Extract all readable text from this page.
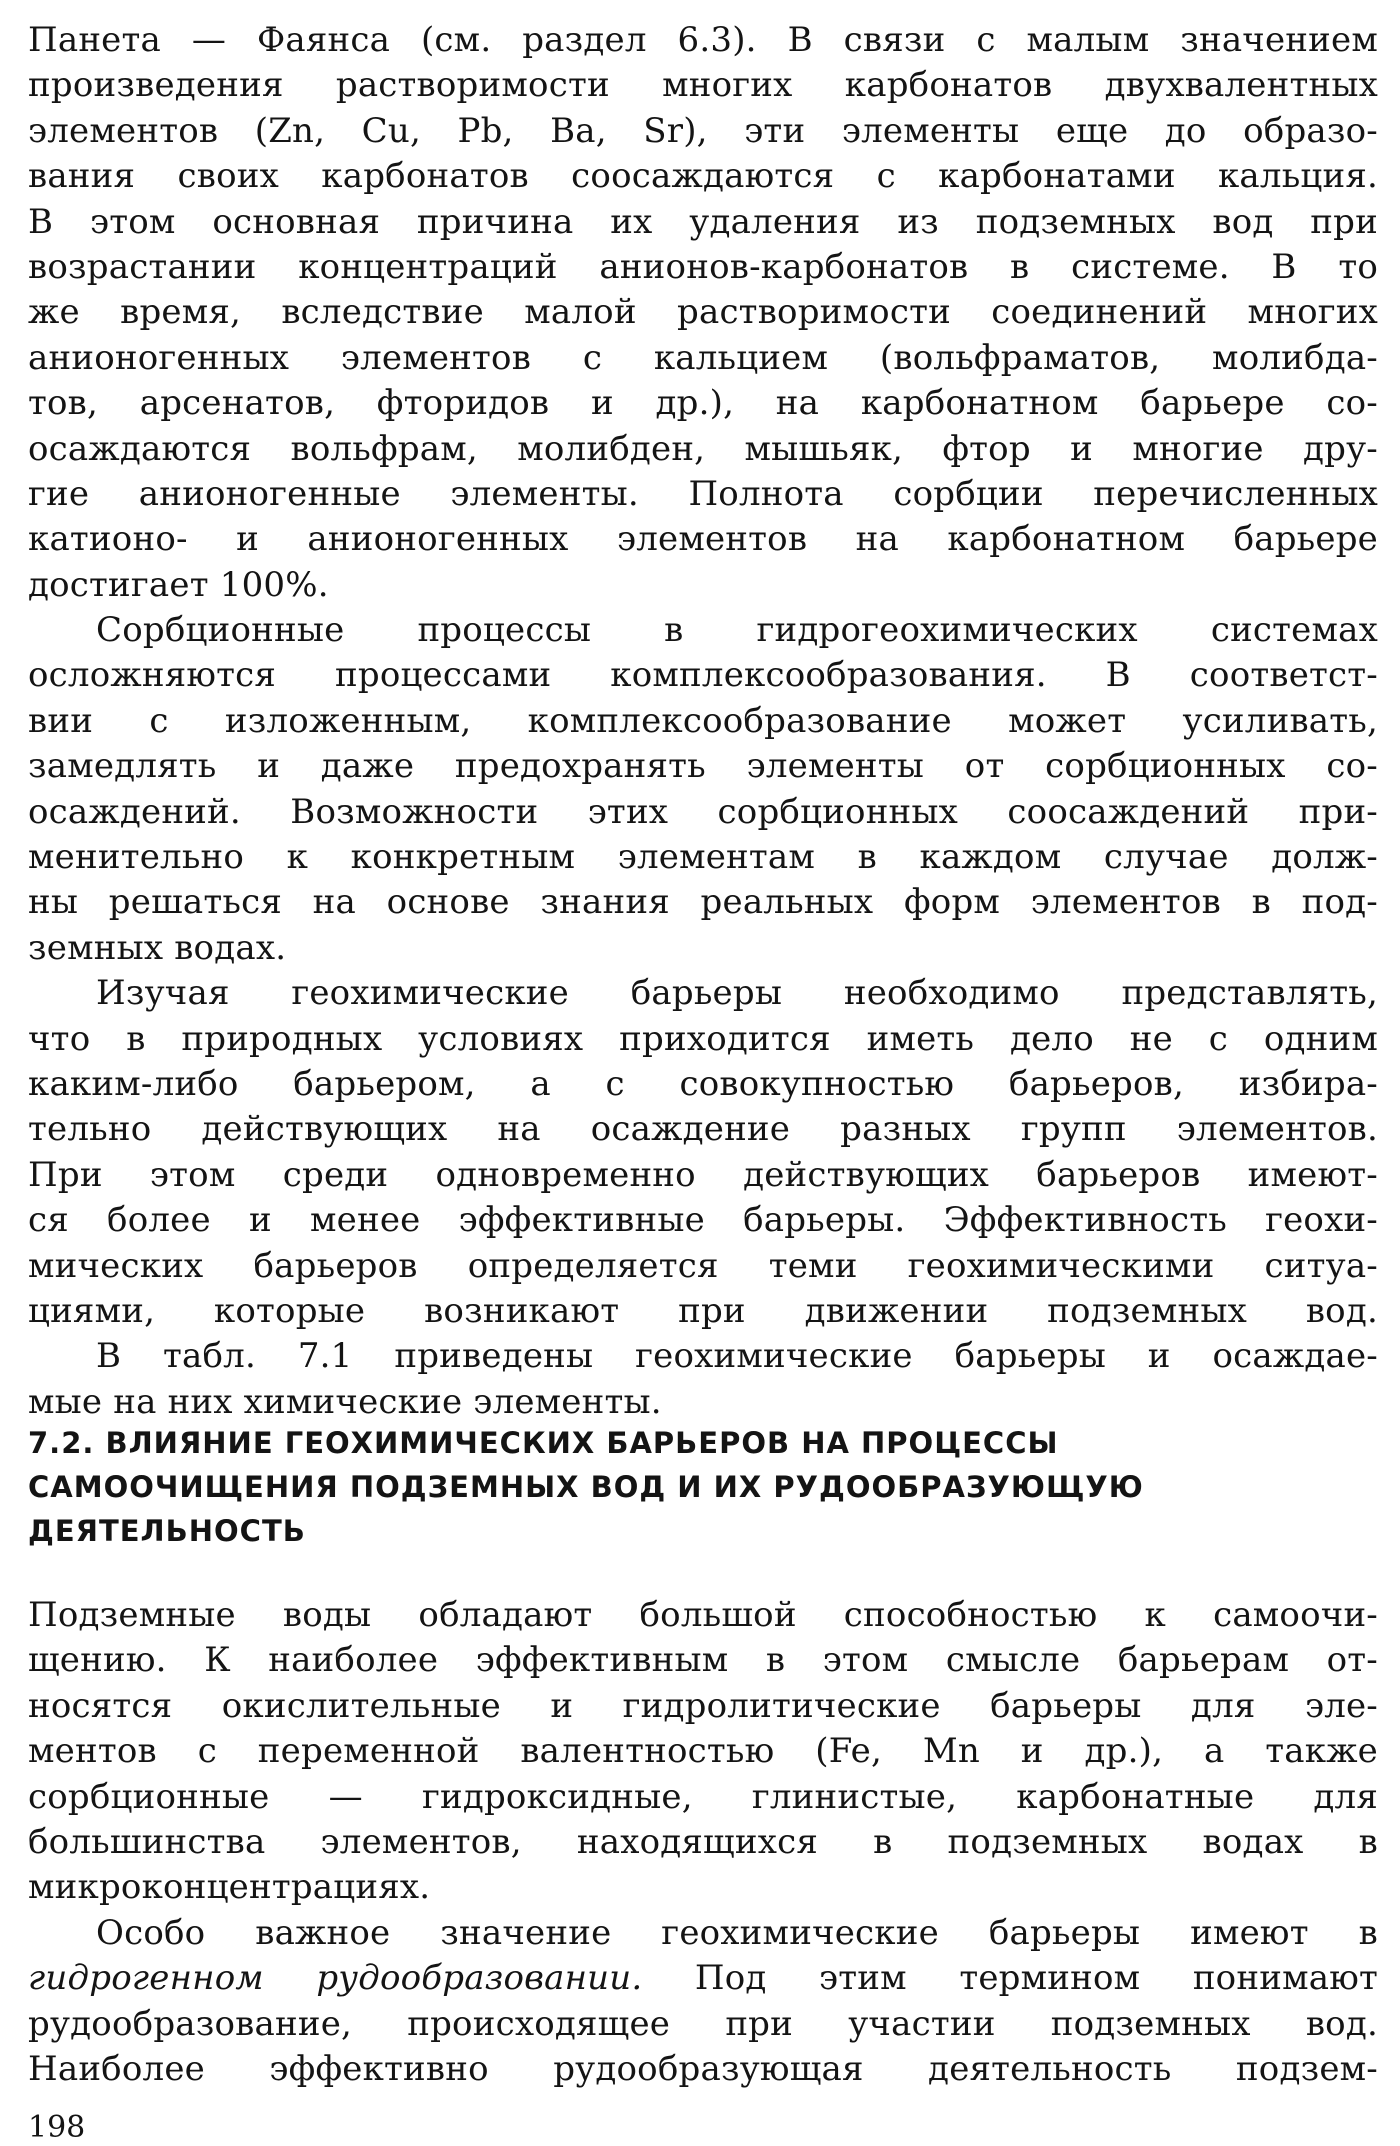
Панета — Фаянса (см. раздел 6.3). В связи с малым значением
произведения растворимости многих карбонатов двухвалентных
элементов (Zn, Cu, Pb, Ba, Sr), эти элементы еще до образо-
вания своих карбонатов соосаждаются с карбонатами кальция.
В этом основная причина их удаления из подземных вод при
возрастании концентраций анионов-карбонатов в системе. В то
же время, вследствие малой растворимости соединений многих
анионогенных элементов с кальцием (вольфраматов, молибда-
тов, арсенатов, фторидов и др.), на карбонатном барьере со-
осаждаются вольфрам, молибден, мышьяк, фтор и многие дру-
гие анионогенные элементы. Полнота сорбции перечисленных
катионо- и анионогенных элементов на карбонатном барьере
достигает 100%.
Сорбционные процессы в гидрогеохимических системах
осложняются процессами комплексообразования. В соответст-
вии с изложенным, комплексообразование может усиливать,
замедлять и даже предохранять элементы от сорбционных со-
осаждений. Возможности этих сорбционных соосаждений при-
менительно к конкретным элементам в каждом случае долж-
ны решаться на основе знания реальных форм элементов в под-
земных водах.
Изучая геохимические барьеры необходимо представлять,
что в природных условиях приходится иметь дело не с одним
каким-либо барьером, а с совокупностью барьеров, избира-
тельно действующих на осаждение разных групп элементов.
При этом среди одновременно действующих барьеров имеют-
ся более и менее эффективные барьеры. Эффективность геохи-
мических барьеров определяется теми геохимическими ситуа-
циями, которые возникают при движении подземных вод.
В табл. 7.1 приведены геохимические барьеры и осаждае-
мые на них химические элементы.
7.2. ВЛИЯНИЕ ГЕОХИМИЧЕСКИХ БАРЬЕРОВ НА ПРОЦЕССЫ
САМООЧИЩЕНИЯ ПОДЗЕМНЫХ ВОД И ИХ РУДООБРАЗУЮЩУЮ
ДЕЯТЕЛЬНОСТЬ
Подземные воды обладают большой способностью к самоочи-
щению. К наиболее эффективным в этом смысле барьерам от-
носятся окислительные и гидролитические барьеры для эле-
ментов с переменной валентностью (Fe, Mn и др.), а также
сорбционные — гидроксидные, глинистые, карбонатные для
большинства элементов, находящихся в подземных водах в
микроконцентрациях.
Особо важное значение геохимические барьеры имеют в
гидрогенном рудообразовании. Под этим термином понимают
рудообразование, происходящее при участии подземных вод.
Наиболее эффективно рудообразующая деятельность подзем-
198
